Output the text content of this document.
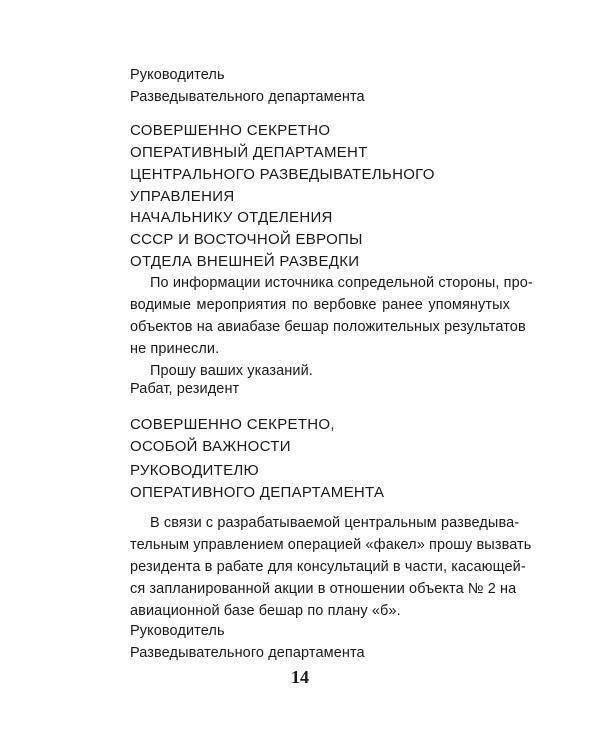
Руководитель
Разведывательного департамента
СОВЕРШЕННО СЕКРЕТНО
ОПЕРАТИВНЫЙ ДЕПАРТАМЕНТ
ЦЕНТРАЛЬНОГО РАЗВЕДЫВАТЕЛЬНОГО
УПРАВЛЕНИЯ
НАЧАЛЬНИКУ ОТДЕЛЕНИЯ
СССР И ВОСТОЧНОЙ ЕВРОПЫ
ОТДЕЛА ВНЕШНЕЙ РАЗВЕДКИ
По информации источника сопредельной стороны, про-
водимые мероприятия по вербовке ранее упомянутых
объектов на авиабазе бешар положительных результатов
не принесли.
Прошу ваших указаний.
Рабат, резидент
СОВЕРШЕННО СЕКРЕТНО,
ОСОБОЙ ВАЖНОСТИ
РУКОВОДИТЕЛЮ
ОПЕРАТИВНОГО ДЕПАРТАМЕНТА
В связи с разрабатываемой центральным разведыва-
тельным управлением операцией «факел» прошу вызвать
резидента в рабате для консультаций в части, касающей-
ся запланированной акции в отношении объекта № 2 на
авиационной базе бешар по плану «б».
Руководитель
Разведывательного департамента
14
